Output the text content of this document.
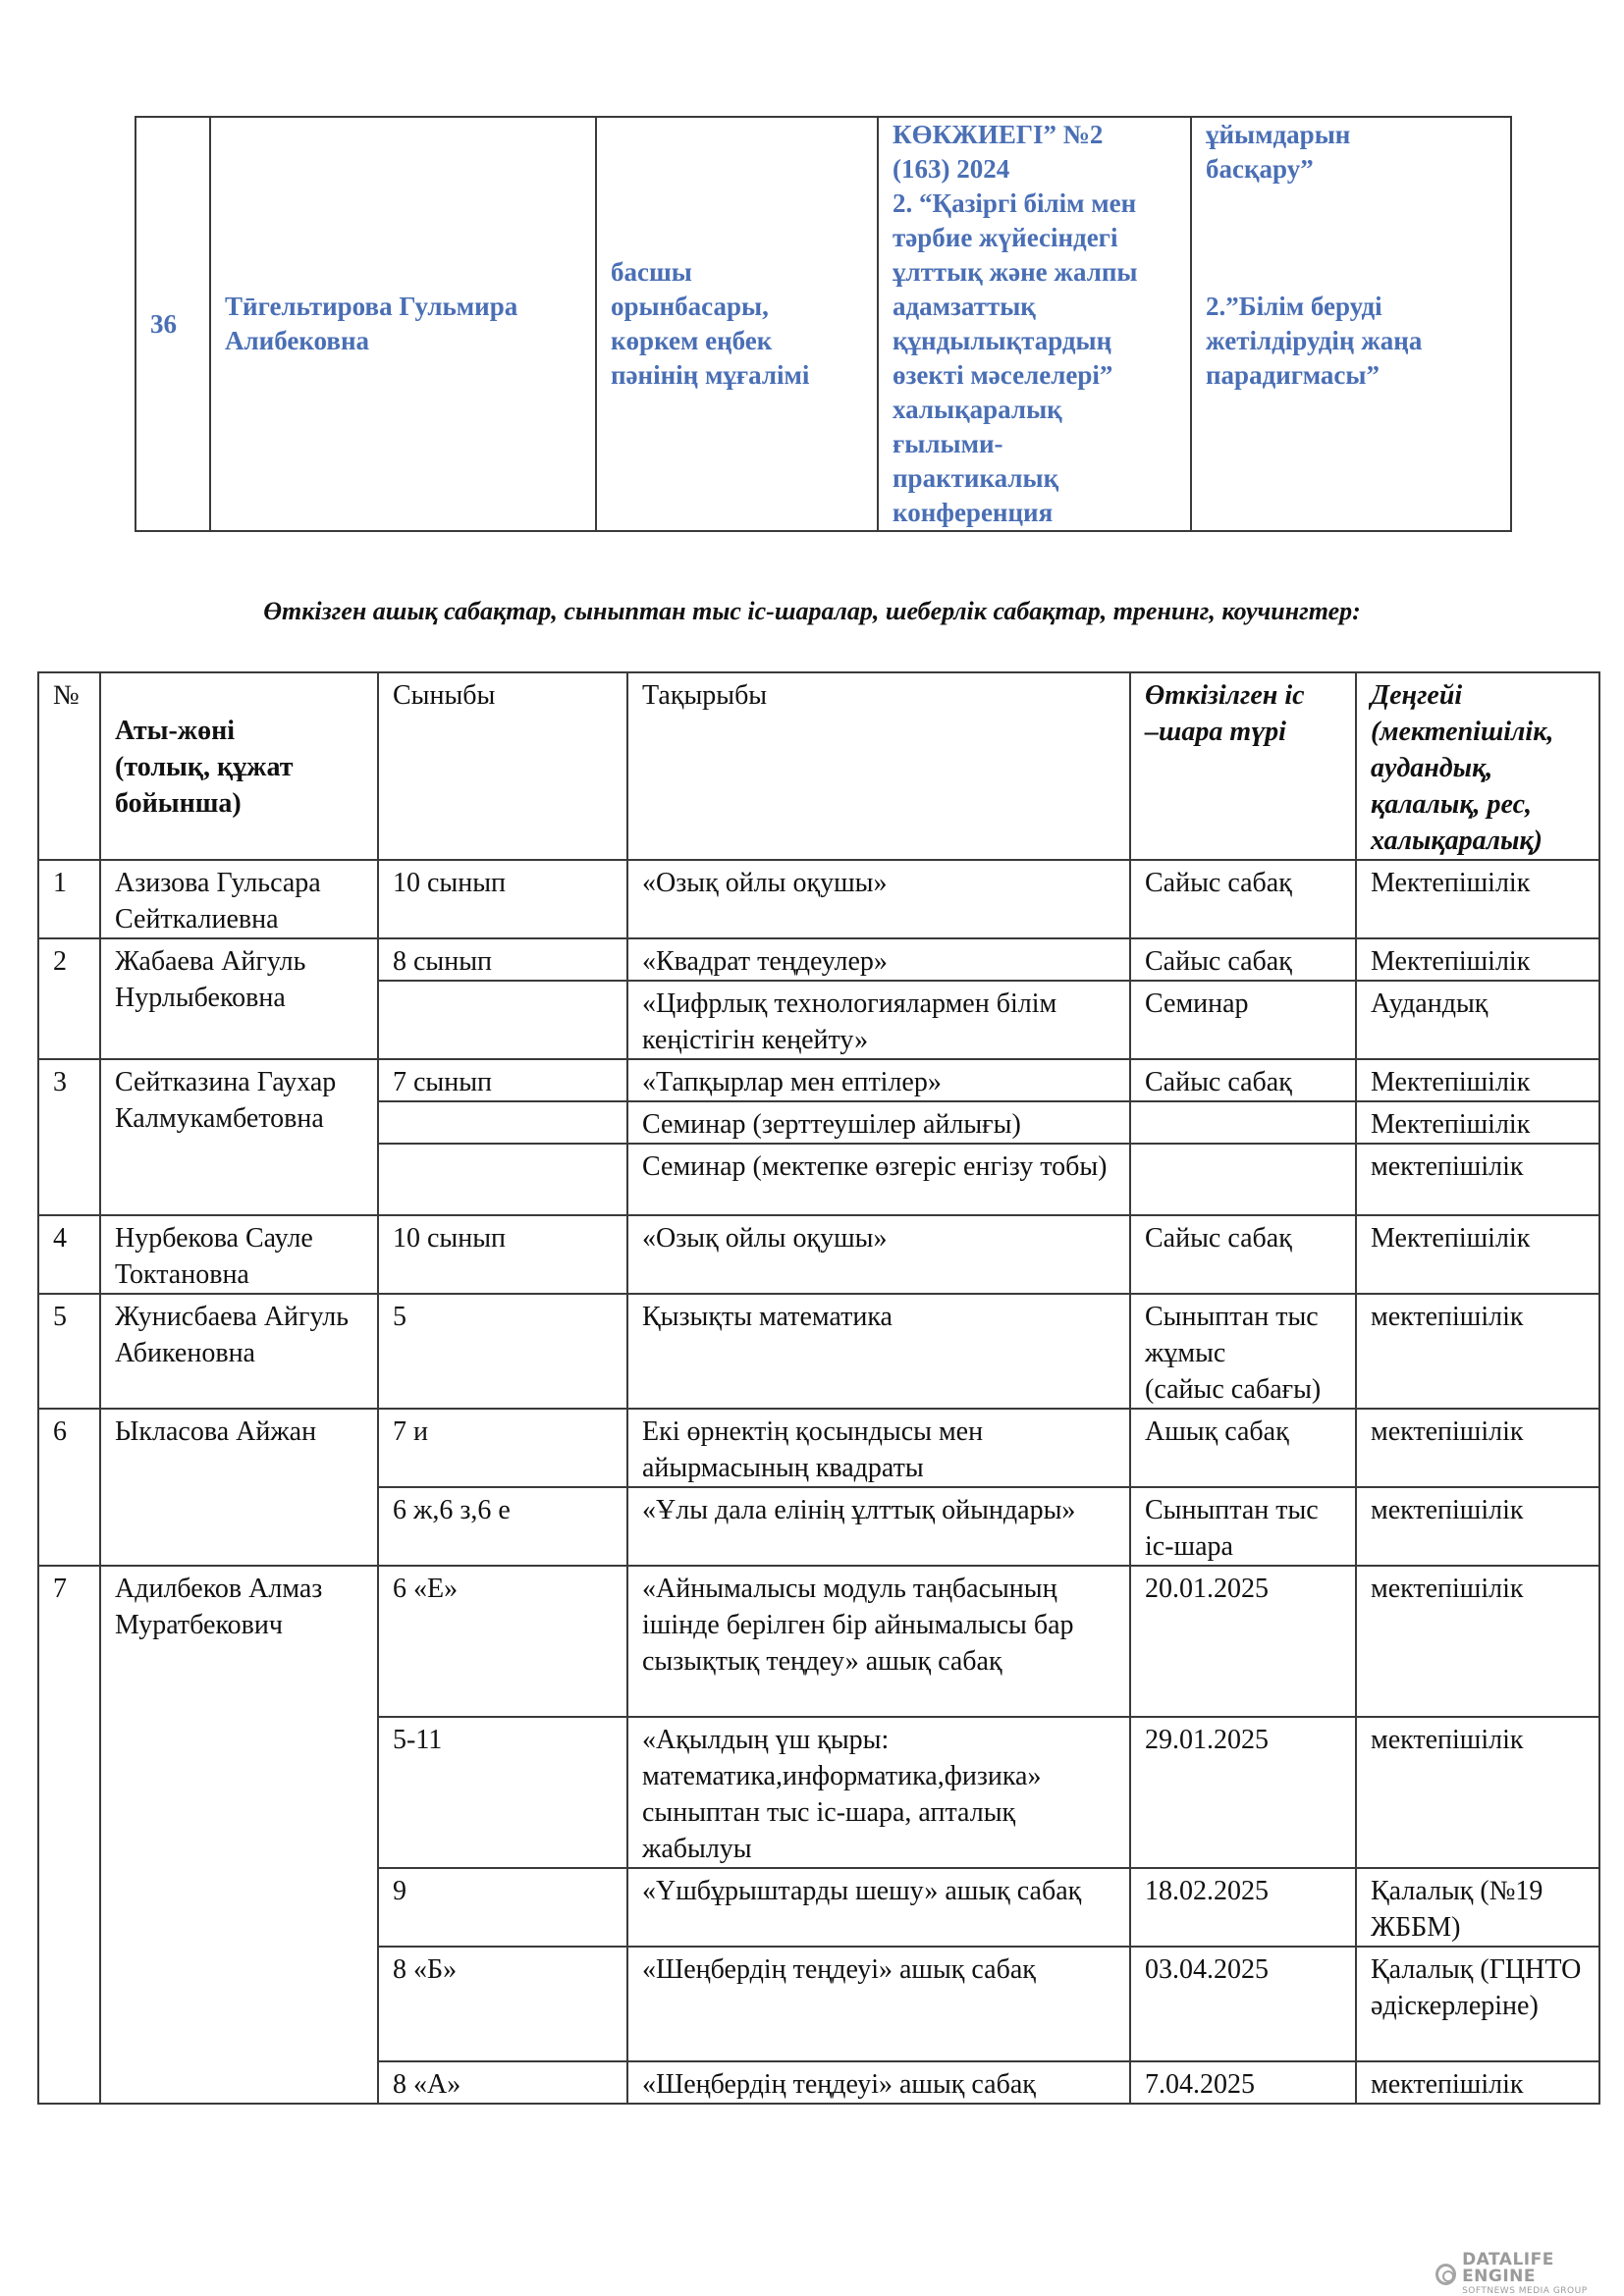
36	Тӣгельтирова Гульмира Алибековна	басшы
орынбасары,
көркем еңбек
пәнінің мұғалімі	КӨКЖИЕГІ” №2
(163) 2024
2. “Қазіргі білім мен
тәрбие жүйесіндегі
ұлттық және жалпы
адамзаттық
құндылықтардың
өзекті мәселелері”
халықаралық
ғылыми-
практикалық
конференция	ұйымдарын
басқару”

2.”Білім беруді
жетілдірудің жаңа
парадигмасы”
Өткізген ашық сабақтар, сыныптан тыс іс-шаралар, шеберлік сабақтар, тренинг, коучингтер:
№	Аты-жөні
(толық, құжат
бойынша)	Сыныбы	Тақырыбы	Өткізілген іс
–шара түрі	Деңгейі
(мектепішілік,
aудандық,
қалалық, рес,
халықаралық)
1	Азизова Гульсара Сейткалиевна	10 сынып	«Озық ойлы оқушы»	Сайыс сабақ	Мектепішілік
2	Жабаева Айгуль Нурлыбековна	8 сынып	«Квадрат теңдеулер»	Сайыс сабақ	Мектепішілік
			«Цифрлық технологиялармен білім кеңістігін кеңейту»	Семинар	Аудандық
3	Сейтказина Гаухар Калмукамбетовна	7 сынып	«Тапқырлар мен ептілер»	Сайыс сабақ	Мектепішілік
			Семинар (зерттеушілер айлығы)		Мектепішілік
			Семинар (мектепке өзгеріс енгізу тобы)		мектепішілік
4	Нурбекова Сауле Токтановна	10 сынып	«Озық ойлы оқушы»	Сайыс сабақ	Мектепішілік
5	Жунисбаева Айгуль Абикеновна	5	Қызықты математика	Сыныптан тыс жұмыс
(сайыс сабағы)	мектепішілік
6	Ыкласова Айжан	7 и	Екі өрнектің қосындысы мен айырмасының квадраты	Ашық сабақ	мектепішілік
		6 ж,6 з,6 е	«Ұлы дала елінің ұлттық ойындары»	Сыныптан тыс іс-шара	мектепішілік
7	Адилбеков Алмаз Муратбекович	6 «Е»	«Айнымалысы модуль таңбасының ішінде берілген бір айнымалысы бар
сызықтық теңдеу» ашық сабақ	20.01.2025	мектепішілік
		5-11	«Ақылдың үш қыры: математика,информатика,физика» сыныптан тыс іс-шара, апталық жабылуы	29.01.2025	мектепішілік
		9	«Үшбұрыштарды шешу» ашық сабақ	18.02.2025	Қалалық (№19 ЖББМ)
		8 «Б»	«Шеңбердің теңдеуі» ашық сабақ	03.04.2025	Қалалық (ГЦНТО әдіскерлеріне)
		8 «А»	«Шеңбердің теңдеуі» ашық сабақ	7.04.2025	мектепішілік
DATALIFE ENGINE
SOFTNEWS MEDIA GROUP
